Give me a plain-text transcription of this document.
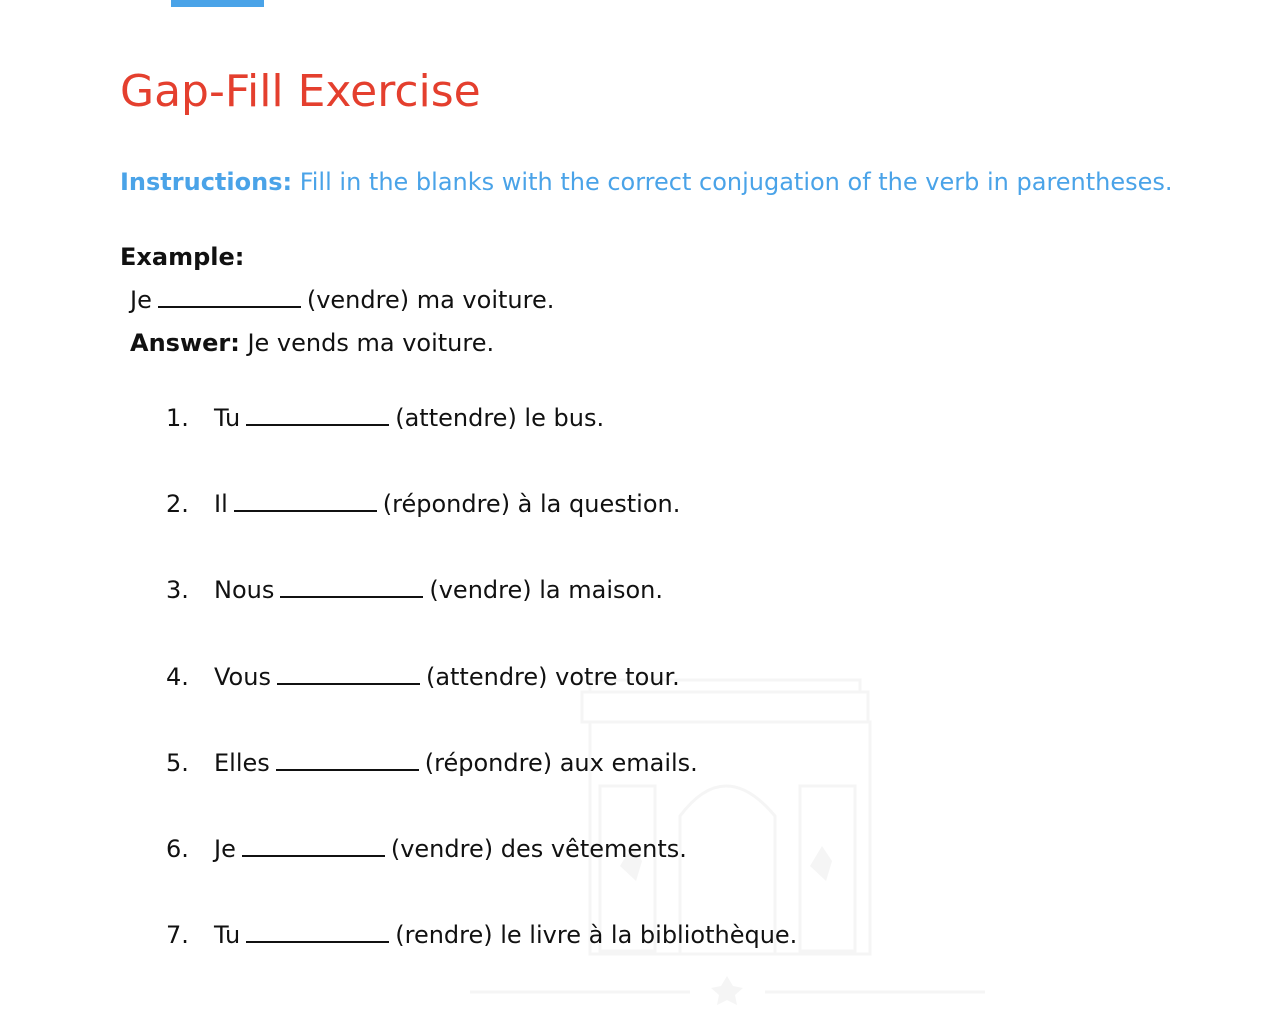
Gap-Fill Exercise
Instructions: Fill in the blanks with the correct conjugation of the verb in parentheses.
Example:
Je	(vendre) ma voiture.
Answer: Je vends ma voiture.
1. Tu	(attendre) le bus.
2. Il	(répondre) à la question.
3. Nous	(vendre) la maison.
4. Vous	(attendre) votre tour.
5. Elles	(répondre) aux emails.
6. Je	(vendre) des vêtements.
7. Tu	(rendre) le livre à la bibliothèque.
